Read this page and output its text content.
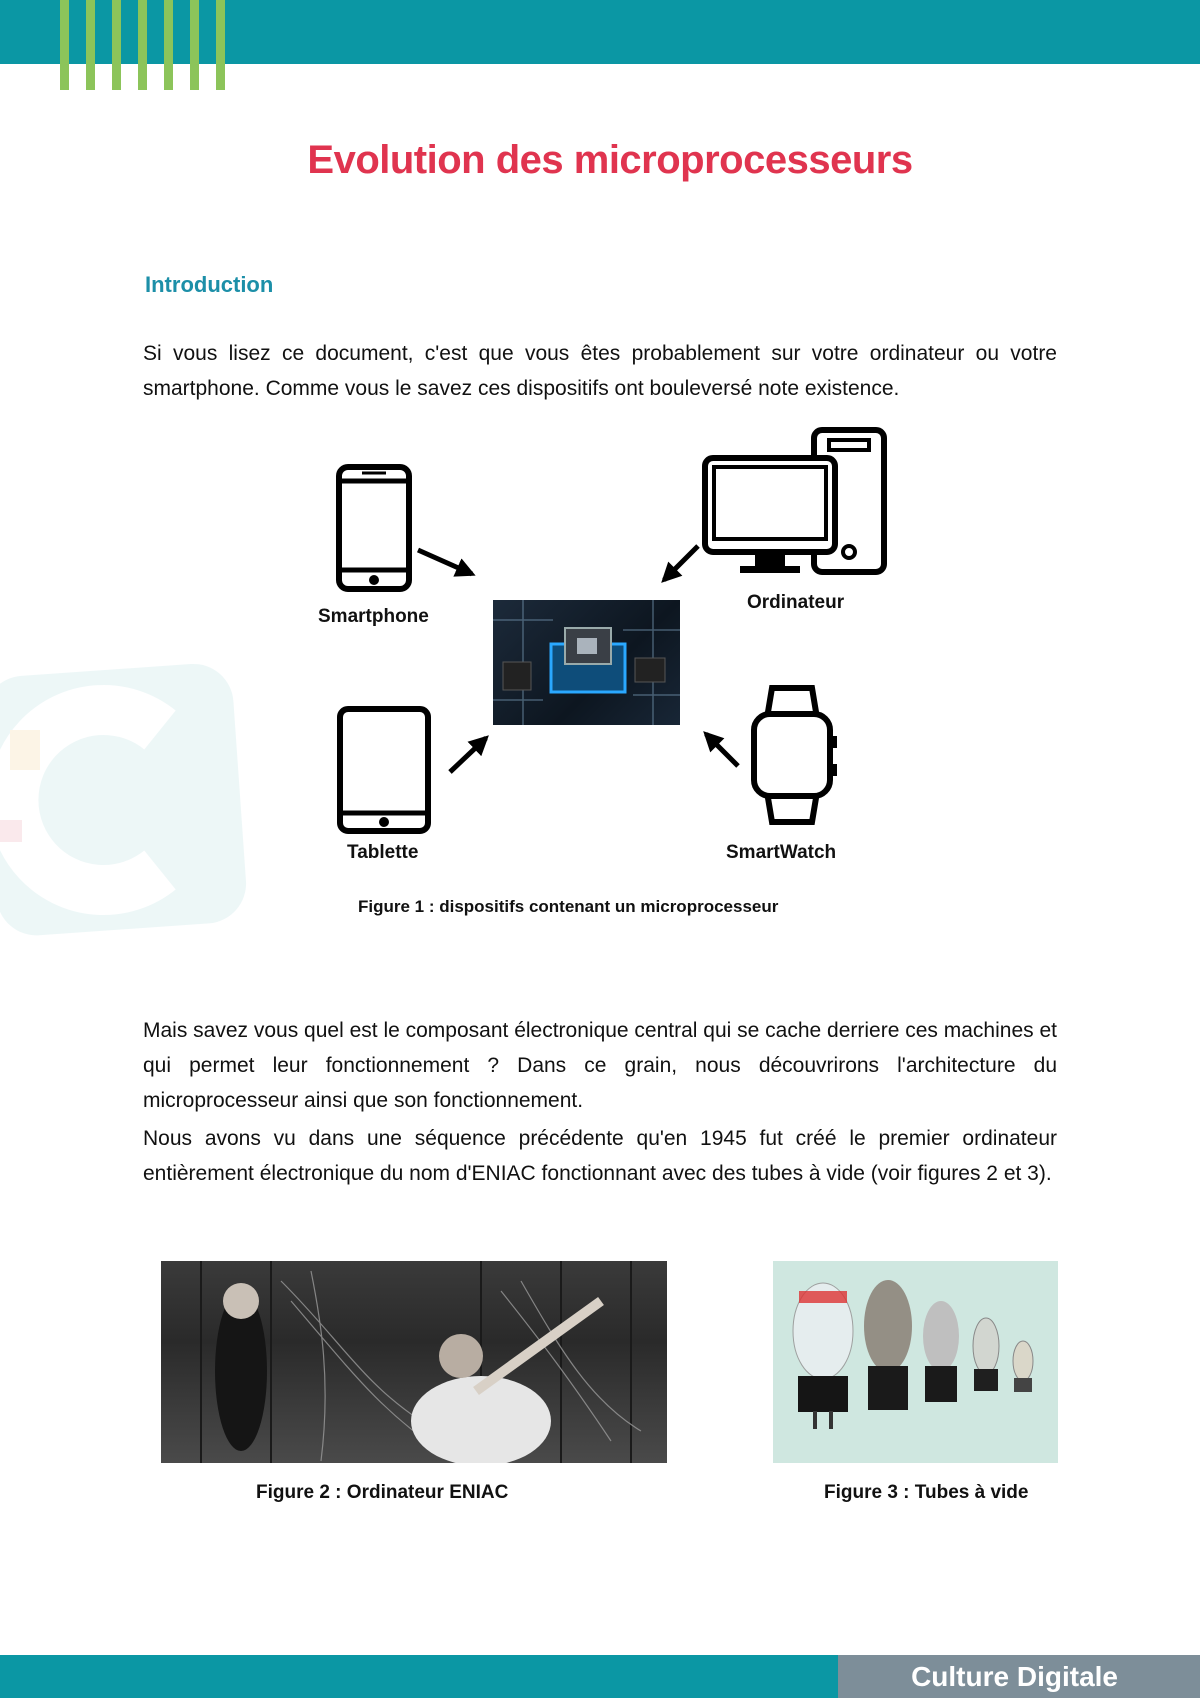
Evolution des microprocesseurs
Introduction
Si vous lisez ce document, c'est que vous êtes probablement sur votre ordinateur ou votre smartphone. Comme vous le savez ces dispositifs ont bouleversé note existence.
Smartphone
Ordinateur
Tablette	SmartWatch
Figure 1 : dispositifs contenant un microprocesseur
Mais savez vous quel est le composant électronique central qui se cache derriere ces machines et qui permet leur fonctionnement ? Dans ce grain, nous découvrirons l'architecture du microprocesseur ainsi que son fonctionnement.
Nous avons vu dans une séquence précédente qu'en 1945 fut créé le premier ordinateur entièrement électronique du nom d'ENIAC fonctionnant avec des tubes à vide (voir figures 2 et 3).
Figure 2 : Ordinateur ENIAC	Figure 3 : Tubes à vide
Culture Digitale
